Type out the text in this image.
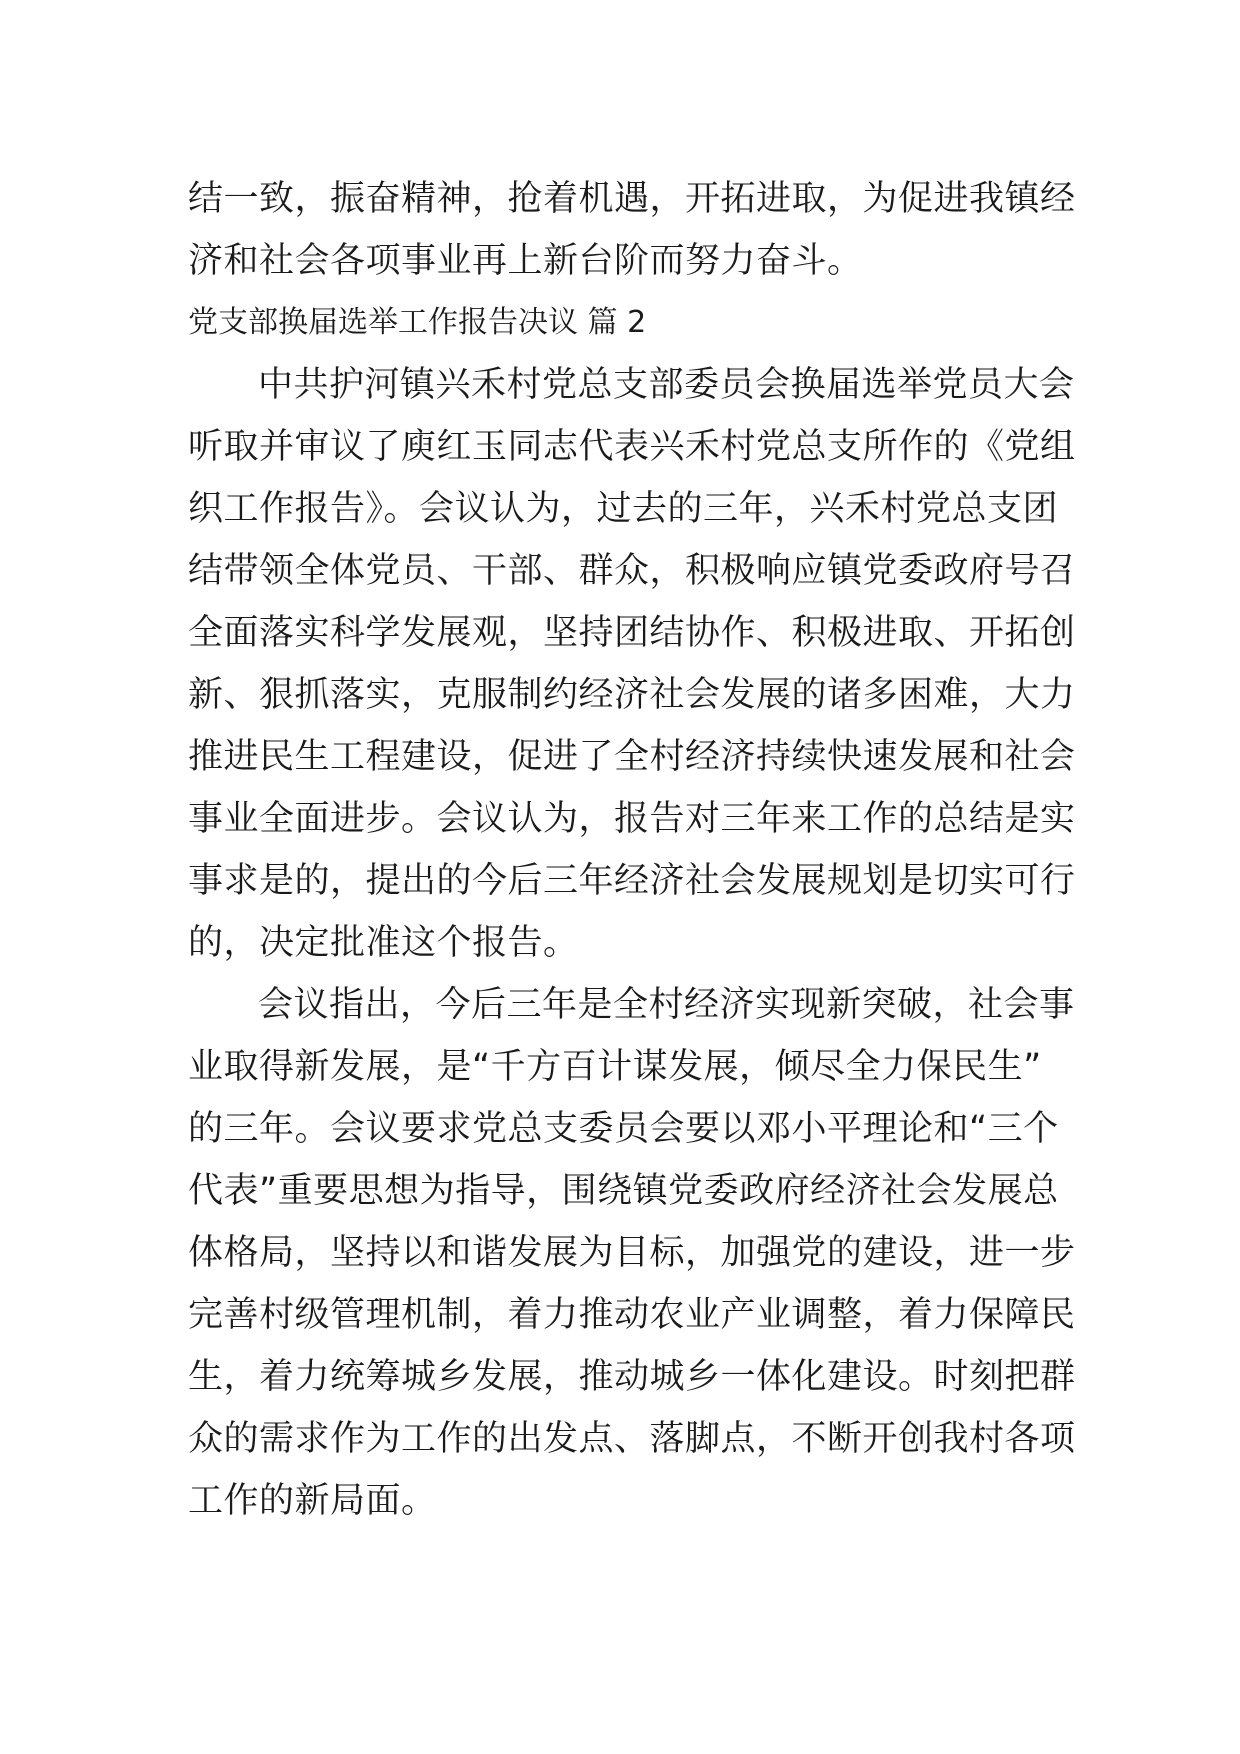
结一致，振奋精神，抢着机遇，开拓进取，为促进我镇经
济和社会各项事业再上新台阶而努力奋斗。
党支部换届选举工作报告决议 篇 2
中共护河镇兴禾村党总支部委员会换届选举党员大会
听取并审议了庾红玉同志代表兴禾村党总支所作的《党组
织工作报告》。会议认为，过去的三年，兴禾村党总支团
结带领全体党员、干部、群众，积极响应镇党委政府号召
全面落实科学发展观，坚持团结协作、积极进取、开拓创
新、狠抓落实，克服制约经济社会发展的诸多困难，大力
推进民生工程建设，促进了全村经济持续快速发展和社会
事业全面进步。会议认为，报告对三年来工作的总结是实
事求是的，提出的今后三年经济社会发展规划是切实可行
的，决定批准这个报告。
会议指出，今后三年是全村经济实现新突破，社会事
业取得新发展，是“千方百计谋发展，倾尽全力保民生”
的三年。会议要求党总支委员会要以邓小平理论和“三个
代表”重要思想为指导，围绕镇党委政府经济社会发展总
体格局，坚持以和谐发展为目标，加强党的建设，进一步
完善村级管理机制，着力推动农业产业调整，着力保障民
生，着力统筹城乡发展，推动城乡一体化建设。时刻把群
众的需求作为工作的出发点、落脚点，不断开创我村各项
工作的新局面。
